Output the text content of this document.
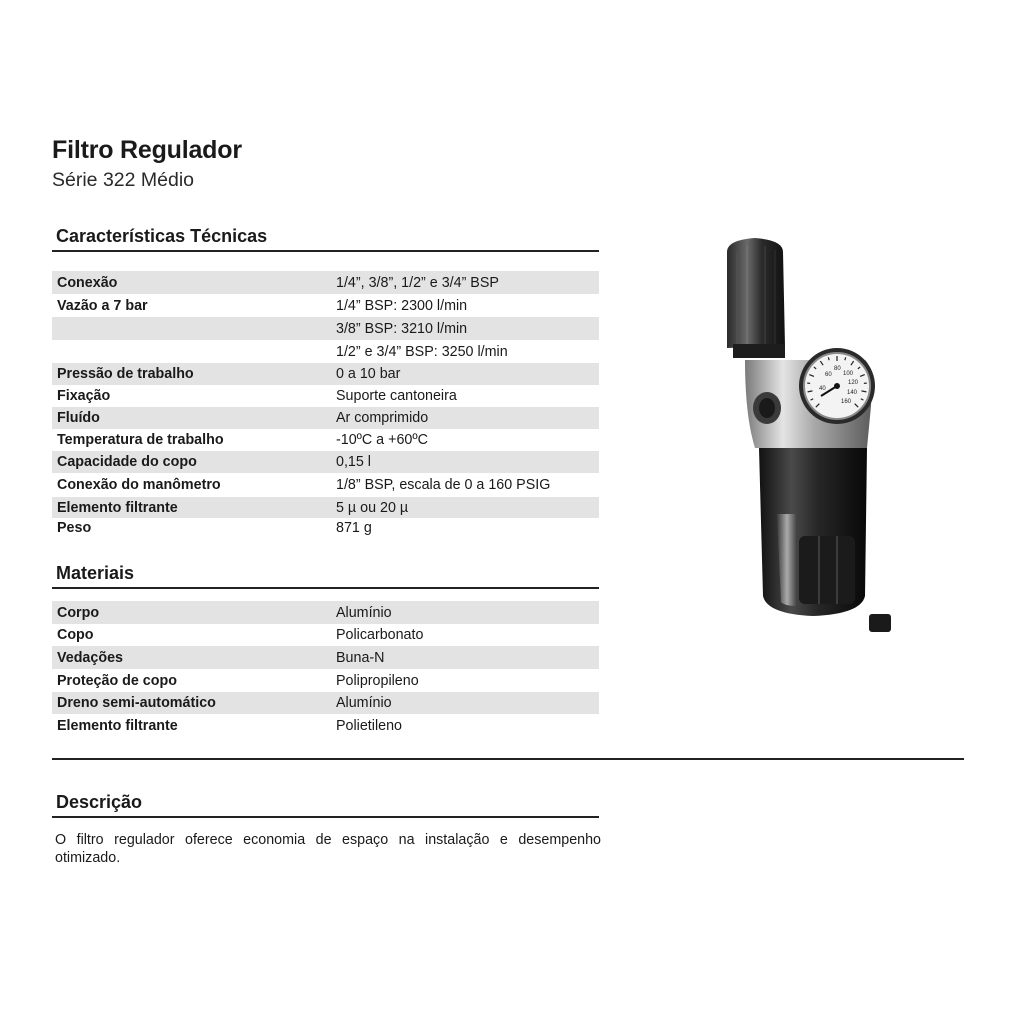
Filtro Regulador
Série 322 Médio
Características Técnicas
Conexão	1/4”, 3/8”, 1/2” e 3/4” BSP
Vazão a 7 bar	1/4” BSP: 2300 l/min
	3/8” BSP: 3210 l/min
	1/2” e 3/4” BSP: 3250 l/min
Pressão de trabalho	0 a 10 bar
Fixação	Suporte cantoneira
Fluído	Ar comprimido
Temperatura de trabalho	-10ºC a +60ºC
Capacidade do copo	0,15 l
Conexão do manômetro	1/8” BSP, escala de 0 a 160 PSIG
Elemento filtrante	5 µ ou 20 µ
Peso	871 g
Materiais
Corpo	Alumínio
Copo	Policarbonato
Vedações	Buna-N
Proteção de copo	Polipropileno
Dreno semi-automático	Alumínio
Elemento filtrante	Polietileno
Descrição
O filtro regulador oferece economia de espaço na instalação e desempenho otimizado.
40
60
80
100
120
140
160
